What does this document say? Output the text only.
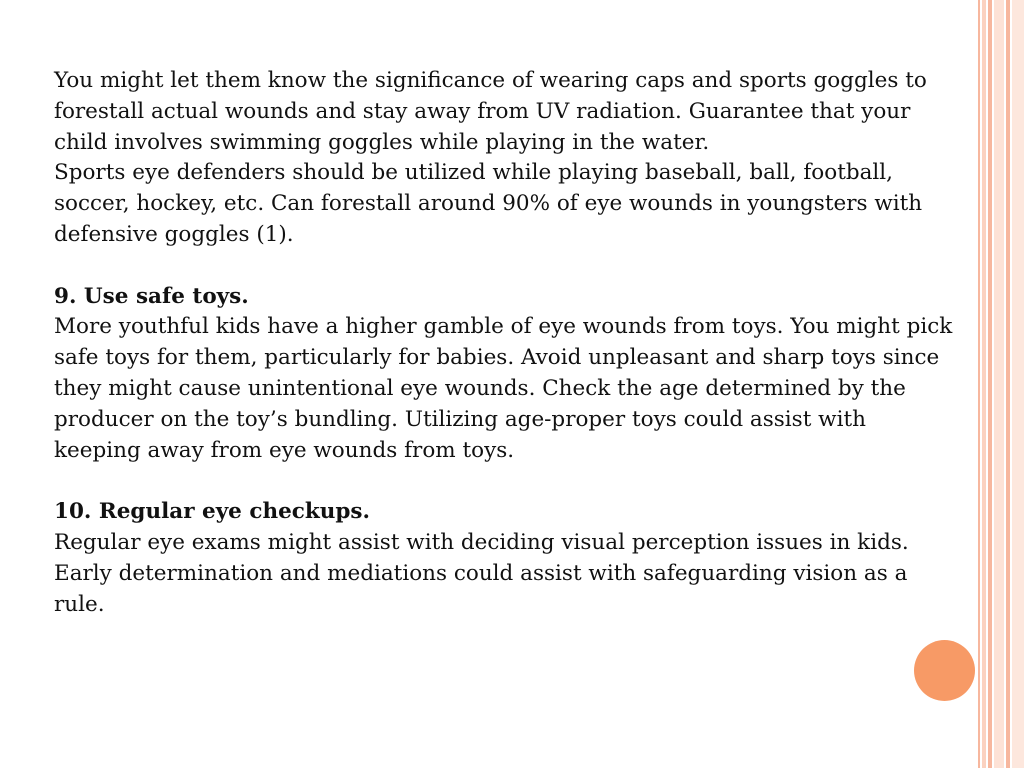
You might let them know the significance of wearing caps and sports goggles to forestall actual wounds and stay away from UV radiation. Guarantee that your child involves swimming goggles while playing in the water.

Sports eye defenders should be utilized while playing baseball, ball, football, soccer, hockey, etc. Can forestall around 90% of eye wounds in youngsters with defensive goggles (1).

9. Use safe toys.

More youthful kids have a higher gamble of eye wounds from toys. You might pick safe toys for them, particularly for babies. Avoid unpleasant and sharp toys since they might cause unintentional eye wounds. Check the age determined by the producer on the toy’s bundling. Utilizing age-proper toys could assist with keeping away from eye wounds from toys.

10. Regular eye checkups.

Regular eye exams might assist with deciding visual perception issues in kids. Early determination and mediations could assist with safeguarding vision as a rule.
